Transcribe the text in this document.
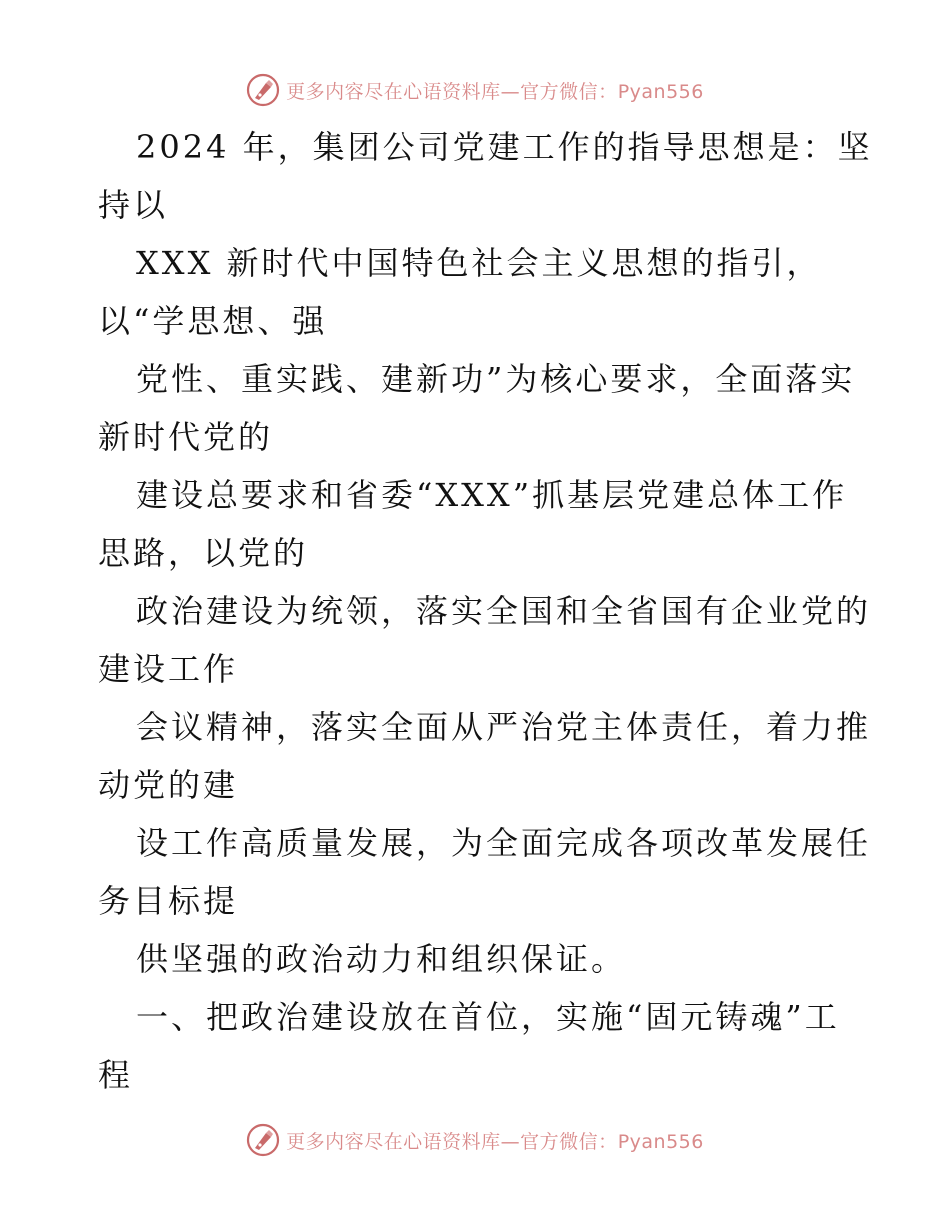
更多内容尽在心语资料库—官方微信：Pyan556
2024 年，集团公司党建工作的指导思想是：坚
持以
XXX 新时代中国特色社会主义思想的指引，
以“学思想、强
党性、重实践、建新功”为核心要求，全面落实
新时代党的
建设总要求和省委“XXX”抓基层党建总体工作
思路，以党的
政治建设为统领，落实全国和全省国有企业党的
建设工作
会议精神，落实全面从严治党主体责任，着力推
动党的建
设工作高质量发展，为全面完成各项改革发展任
务目标提
供坚强的政治动力和组织保证。
一、把政治建设放在首位，实施“固元铸魂”工
程
更多内容尽在心语资料库—官方微信：Pyan556
